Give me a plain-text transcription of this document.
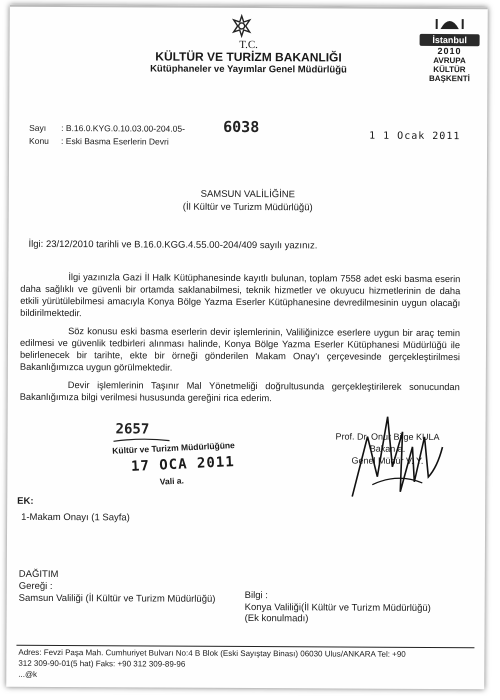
T.C.
KÜLTÜR VE TURİZM BAKANLIĞI
Kütüphaneler ve Yayımlar Genel Müdürlüğü
İstanbul
2010
AVRUPA
KÜLTÜR
BAŞKENTİ
Sayı : B.16.0.KYG.0.10.03.00-204.05-	6038
Konu : Eski Basma Eserlerin Devri	1 1 Ocak 2011
SAMSUN VALİLİĞİNE
(İl Kültür ve Turizm Müdürlüğü)
İlgi: 23/12/2010 tarihli ve B.16.0.KGG.4.55.00-204/409 sayılı yazınız.
İlgi yazınızla Gazi İl Halk Kütüphanesinde kayıtlı bulunan, toplam 7558 adet eski basma eserin daha sağlıklı ve güvenli bir ortamda saklanabilmesi, teknik hizmetler ve okuyucu hizmetlerinin de daha etkili yürütülebilmesi amacıyla Konya Bölge Yazma Eserler Kütüphanesine devredilmesinin uygun olacağı bildirilmektedir.
Söz konusu eski basma eserlerin devir işlemlerinin, Valiliğinizce eserlere uygun bir araç temin edilmesi ve güvenlik tedbirleri alınması halinde, Konya Bölge Yazma Eserler Kütüphanesi Müdürlüğü ile belirlenecek bir tarihte, ekte bir örneği gönderilen Makam Onay'ı çerçevesinde gerçekleştirilmesi Bakanlığımızca uygun görülmektedir.
Devir işlemlerinin Taşınır Mal Yönetmeliği doğrultusunda gerçekleştirilerek sonucundan Bakanlığımıza bilgi verilmesi hususunda gereğini rica ederim.
Prof. Dr. Onur Bilge KULA
Bakan a.
Genel Müdür V. Y.
2657
Kültür ve Turizm Müdürlüğüne
17 OCA 2011
Vali a.
EK:
1-Makam Onayı (1 Sayfa)
DAĞITIM
Gereği :
Samsun Valiliği (İl Kültür ve Turizm Müdürlüğü)	Bilgi :
Konya Valiliği(İl Kültür ve Turizm Müdürlüğü)
(Ek konulmadı)
Adres: Fevzi Paşa Mah. Cumhuriyet Bulvarı No:4 B Blok (Eski Sayıştay Binası) 06030 Ulus/ANKARA Tel: +90
312 309-90-01(5 hat) Faks: +90 312 309-89-96
...@k
